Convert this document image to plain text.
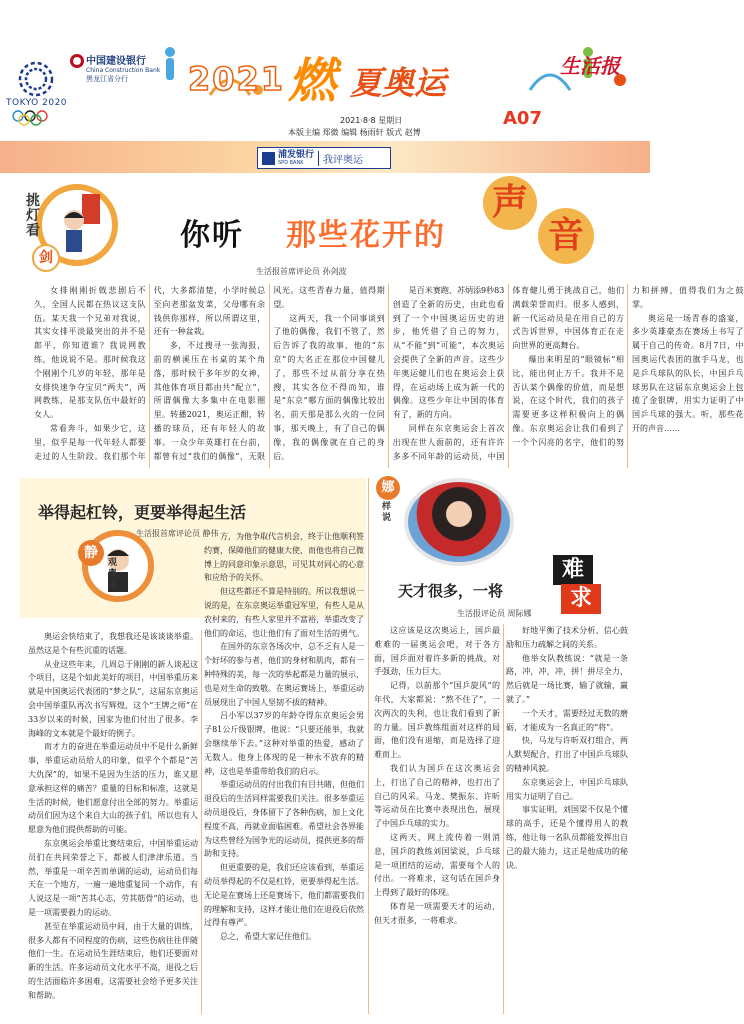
TOKYO 2020
中国建设银行
China Construction Bank
黑龙江省分行	2021 燃 夏奥运	生活报
2021·8·8 星期日	A07
本版主编 郑微 编辑 杨雨轩 版式 赵博
浦发银行
SPD BANK	我评奥运
挑灯看
剑
你听 那些花开的
声
音
生活报首席评论员 孙剑波

女排刚刚折戟悲剧后不久，全国人民都在热议这支队伍。某天我一个兄弟对我说，其实女排平淡最突出的并不是郎平，你知道谁？我说网教练，他说说不是。那时候我这个刚刚个几岁的年轻，那年是女排快速争夺宝贝“两夫”，两网教练，是那支队伍中最好的女人。

常看奔斗，如果少它，这里，似乎是每一代年轻人都要走过的人生阶段。我们那个年代，大多都清楚，小学时候总至向老那盆发菜，父母哪有余钱供你那样，所以所谓这里，还有一种盆栽。

多，不过搜寻一张海报，前的横溪压在书桌的某个角落，那时候于多年岁的女神，其他体育项目都由共“配立”，所谓偶像大多集中在电影圈里。转播2021，奥运正酣，转播的球员，还有年轻人的故事。一众少年英雄打在台前，都曾有过“我们的偶像”，无限风光。这些青春力量，值得期望。

这两天，我一个同事谈到了他的偶像，我们不管了，然后告诉了我的故事，他的“东京”的大名正在那位中国健儿了，那些不过从前分享在热搜，其实各位不得而知，谁是“东京”哪方面的偶像比较出名，前天那是那么火的一位同事，那天晚上，有了自己的偶像，我的偶像就在自己的身后。

是百米赛跑、苏炳添9秒83创造了全新的历史，由此也看到了一个中国奥运历史的进步，他凭借了自己的努力，从“不能”到“可能”，本次奥运会提供了全新的声音。这些少年奥运健儿们也在奥运会上获得，在运动场上成为新一代的偶像。这些少年让中国的体育有了，新的方向。

同样在东京奥运会上首次出现在世人面前的，还有许许多多不同年龄的运动员，中国体育健儿勇于挑战自己，他们满载荣誉而归。很多人感到，新一代运动员是在用自己的方式告诉世界，中国体育正在走向世界的更高舞台。

爆出来明星的“眼镜标”相比，能出何止万千。我并不是否认某个偶像的价值，而是想说，在这个时代，我们的孩子需要更多这样积极向上的偶像。东京奥运会让我们看到了一个个闪亮的名字，他们的努力和拼搏，值得我们为之鼓掌。

奥运是一场青春的盛宴，多少英雄豪杰在赛场上书写了属于自己的传奇。8月7日，中国奥运代表团的旗手马龙，也是乒乓球队的队长，中国乒乓球男队在这届东京奥运会上包揽了金银牌，用实力证明了中国乒乓球的强大。听，那些花开的声音……

举得起杠铃，更要举得起生活
生活报首席评论员 静伟
静
观奥运

奥运会快结束了，我想我还是该谈谈举重。虽然这是个有些沉重的话题。

从业这些年来，几周总于刚刚的新人谈起这个项目，这是个如此美好的项目，中国举重历来就是中国奥运代表团的“梦之队”，这届东京奥运会中国举重队再次书写辉煌，这个“王牌之师”在33岁以来的时候，国家为他们付出了很多。李海峰的文本就是个最好的例子。

而才力的奋进在举重运动员中不是什么新鲜事，举重运动员给人的印象，似乎个个都是“苦大仇深”的，如果不是因为生活的压力，谁又愿意承担这样的痛苦？重量的目标和标准，这就是生活的时候，他们愿意付出全部的努力。举重运动员们因为这个来自大山的孩子们，所以也有人愿意为他们提供帮助的可能。

东京奥运会举重比赛结束后，中国举重运动员们在共同荣誉之下，都被人们津津乐道。当然，举重是一项辛苦而单调的运动，运动员们每天在一个地方，一遍一遍地重复同一个动作，有人说这是一项“苦其心志，劳其筋骨”的运动，也是一项需要毅力的运动。

甚至在举重运动员中间，由于大量的训练，很多人都有不同程度的伤病，这些伤病往往伴随他们一生。在运动员生涯结束后，他们还要面对新的生活。许多运动员文化水平不高，退役之后的生活面临许多困难，这需要社会给予更多关注和帮助。

方，为他争取代言机会，终于让他顺利签约赛，保障他们的健康大使，而他也将自己微博上的同意印象示意思，可见其对同心的心意和应给予的关怀。

但这些都还不算是特别的。所以我想说一说的是，在东京奥运举重冠军里，有些人是从农村来的，有些人家里并不富裕，举重改变了他们的命运，也让他们有了面对生活的勇气。

在国外的东京各场次中，总不乏有人是一个好坏的参与者，他们的身材和肌肉，都有一种特殊的美，每一次的举起都是力量的展示，也是对生命的致敬。在奥运赛场上，举重运动员展现出了中国人坚韧不拔的精神。

吕小军以37岁的年龄夺得东京奥运会男子81公斤级银牌，他说：“只要还能举，我就会继续举下去。”这种对举重的热爱，感动了无数人。他身上体现的是一种永不放弃的精神，这也是举重带给我们的启示。

举重运动员的付出我们有目共睹，但他们退役后的生活同样需要我们关注。很多举重运动员退役后，身体留下了各种伤病，加上文化程度不高，再就业面临困难。希望社会各界能为这些曾经为国争光的运动员，提供更多的帮助和支持。

但更重要的是，我们还应该看到，举重运动员举得起的不仅是杠铃，更要举得起生活。无论是在赛场上还是赛场下，他们都需要我们的理解和支持，这样才能让他们在退役后依然过得有尊严。

总之，希望大家记住他们。

娜
样说
天才很多，一将
难
求
生活报评论员 周际娜

这应该是这次奥运上，国乒最难难的一届奥运会吧，对于各方面，国乒面对着许多新的挑战，对手强劲，压力巨大。

记得，以前那个“国乒旋风”的年代，大家都说：“熬不住了”，一次两次的失利，也让我们看到了新的力量。国乒教练组面对这样的局面，他们没有退缩，而是选择了迎难而上。

我们认为国乒在这次奥运会上，打出了自己的精神，也打出了自己的风采。马龙、樊振东、许昕等运动员在比赛中表现出色，展现了中国乒乓球的实力。

这两天，网上流传着一则消息，国乒的教练刘国梁说，乒乓球是一项团结的运动，需要每个人的付出。一将难求，这句话在国乒身上得到了最好的体现。

体育是一项需要天才的运动，但天才很多，一将难求。

好地平衡了技术分析、信心鼓励和压力疏解之间的关系。

他举女队教练说：“就是一条路，冲，冲，冲，拼！拼尽全力，然后就是一场比赛，输了就输，赢就了。”

一个天才，需要经过无数的磨砺，才能成为一名真正的“将”。

快，马龙与许昕双打组合，两人默契配合，打出了中国乒乓球队的精神风貌。

东京奥运会上，中国乒乓球队用实力证明了自己。

事实证明，刘国梁不仅是个懂球的高手，还是个懂得用人的教练，他让每一名队员都能发挥出自己的最大能力，这正是他成功的秘诀。
